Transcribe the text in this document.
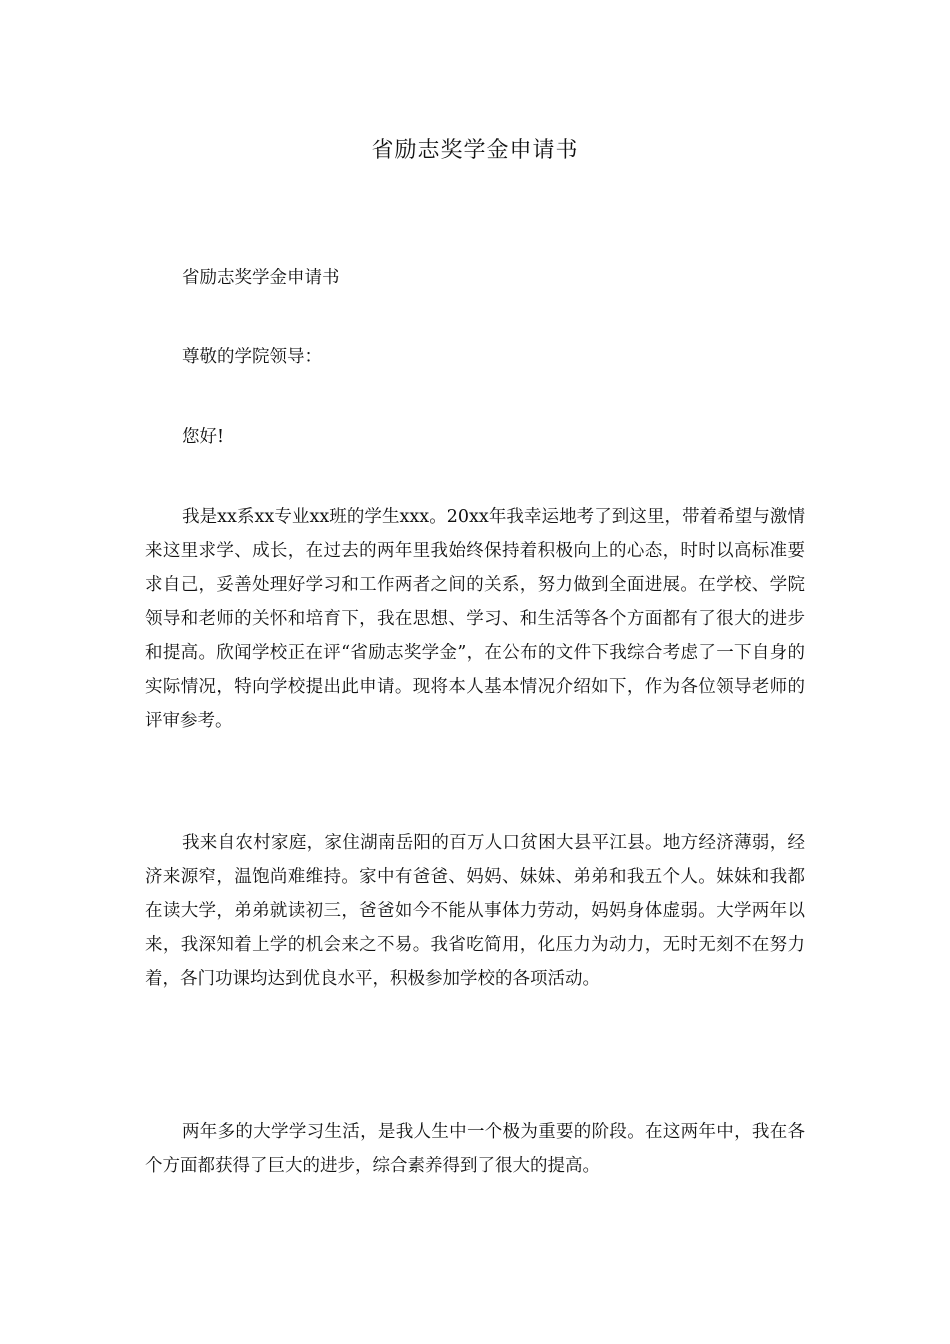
省励志奖学金申请书

省励志奖学金申请书

尊敬的学院领导：

您好!

我是xx系xx专业xx班的学生xxx。20xx年我幸运地考了到这里，带着希望与激情来这里求学、成长，在过去的两年里我始终保持着积极向上的心态，时时以高标准要求自己，妥善处理好学习和工作两者之间的关系，努力做到全面进展。在学校、学院领导和老师的关怀和培育下，我在思想、学习、和生活等各个方面都有了很大的进步和提高。欣闻学校正在评“省励志奖学金”，在公布的文件下我综合考虑了一下自身的实际情况，特向学校提出此申请。现将本人基本情况介绍如下，作为各位领导老师的评审参考。

我来自农村家庭，家住湖南岳阳的百万人口贫困大县平江县。地方经济薄弱，经济来源窄，温饱尚难维持。家中有爸爸、妈妈、妹妹、弟弟和我五个人。妹妹和我都在读大学，弟弟就读初三，爸爸如今不能从事体力劳动，妈妈身体虚弱。大学两年以来，我深知着上学的机会来之不易。我省吃简用，化压力为动力，无时无刻不在努力着，各门功课均达到优良水平，积极参加学校的各项活动。

两年多的大学学习生活，是我人生中一个极为重要的阶段。在这两年中，我在各个方面都获得了巨大的进步，综合素养得到了很大的提高。
